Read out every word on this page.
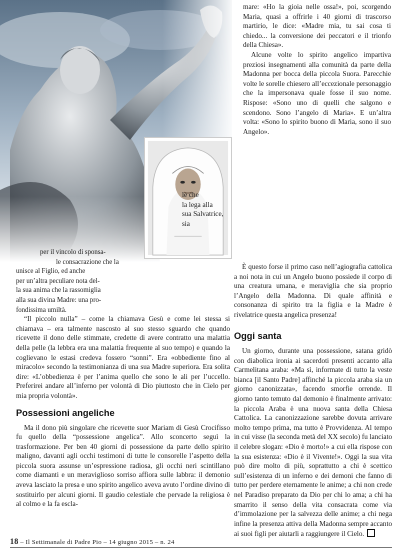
le che

la lega alla

sua Salvatrice, sia

per il vincolo di sponsa-

le consacrazione che la

unisce al Figlio, ed anche

per un’altra peculiare nota del-

la sua anima che la rassomiglia

alla sua divina Madre: una pro-

fondissima umiltà.

“Il piccolo nulla” – come la chiamava Gesù e come lei stessa si chiamava – era talmente nascosto al suo stesso sguardo che quando ricevette il dono delle stimmate, credette di avere contratto una malattia della pelle (la lebbra era una malattia frequente al suo tempo) e quando la coglievano le estasi credeva fossero “sonni”. Era «obbediente fino al miracolo» secondo la testimonianza di una sua Madre superiora. Era solita dire: «L’obbedienza è per l’anima quello che sono le ali per l’uccello. Preferirei andare all’inferno per volontà di Dio piuttosto che in Cielo per mia propria volontà».

Possessioni angeliche

Ma il dono più singolare che ricevette suor Mariam di Gesù Crocifisso fu quello della “possessione angelica”. Allo sconcerto seguì la trasformazione. Per ben 40 giorni di possessione da parte dello spirito maligno, davanti agli occhi testimoni di tutte le consorelle l’aspetto della piccola suora assunse un’espressione radiosa, gli occhi neri scintillano come diamanti e un meraviglioso sorriso affiora sulle labbra: il demonio aveva lasciato la presa e uno spirito angelico aveva avuto l’ordine divino di sostituirlo per alcuni giorni. Il gaudio celestiale che pervade la religiosa è al colmo e la fa escla-

mare: «Ho la gioia nelle ossa!», poi, scorgendo Maria, quasi a offrirle i 40 giorni di trascorso martirio, le dice: «Madre mia, tu sai cosa ti chiedo... la conversione dei peccatori e il trionfo della Chiesa».

Alcune volte lo spirito angelico impartiva preziosi insegnamenti alla comunità da parte della Madonna per bocca della piccola Suora. Parecchie volte le sorelle chiesero all’eccezionale personaggio che la impersonava quale fosse il suo nome. Rispose: «Sono uno di quelli che salgono e scendono. Sono l’angelo di Maria». E un’altra volta: «Sono lo spirito buono di Maria, sono il suo Angelo».

È questo forse il primo caso nell’agiografia cattolica a noi nota in cui un Angelo buono possiede il corpo di una creatura umana, e meraviglia che sia proprio l’Angelo della Madonna. Di quale affinità e consonanza di spirito tra la figlia e la Madre è rivelatrice questa angelica presenza!

Oggi santa

Un giorno, durante una possessione, satana gridò con diabolica ironia ai sacerdoti presenti accanto alla Carmelitana araba: «Ma sì, informate di tutto la veste bianca [il Santo Padre] affinché la piccola araba sia un giorno canonizzata», facendo smorfie orrende. Il giorno tanto temuto dal demonio è finalmente arrivato: la piccola Araba è una nuova santa della Chiesa Cattolica. La canonizzazione sarebbe dovuta arrivare molto tempo prima, ma tutto è Provvidenza. Al tempo in cui visse (la seconda metà del XX secolo) fu lanciato il celebre slogan: «Dio è morto!» a cui ella rispose con la sua esistenza: «Dio è il Vivente!». Oggi la sua vita può dire molto di più, soprattutto a chi è scettico sull’esistenza di un inferno e dei demoni che fanno di tutto per perdere eternamente le anime; a chi non crede nel Paradiso preparato da Dio per chi lo ama; a chi ha smarrito il senso della vita consacrata come via d’immolazione per la salvezza delle anime; a chi nega infine la presenza attiva della Madonna sempre accanto ai suoi figli per aiutarli a raggiungere il Cielo.

18 – Il Settimanale di Padre Pio – 14 giugno 2015 – n. 24
